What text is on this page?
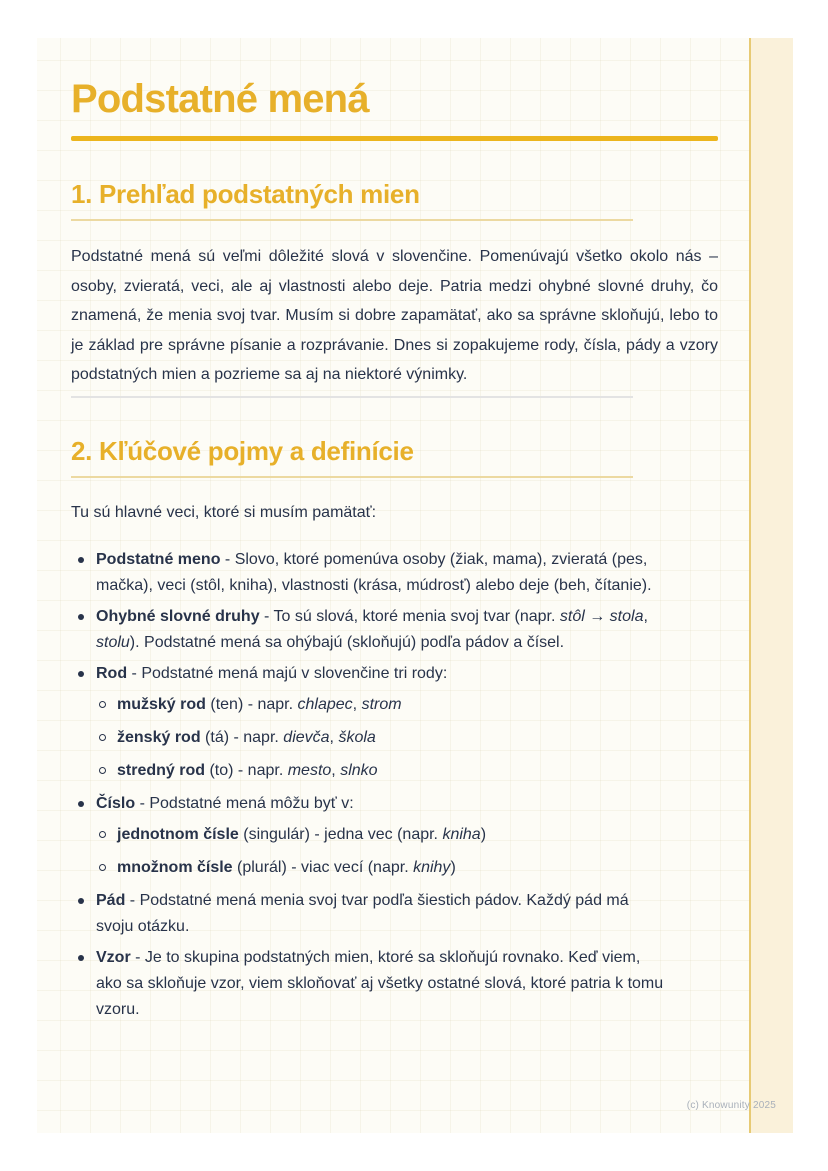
Podstatné mená
1. Prehľad podstatných mien

Podstatné mená sú veľmi dôležité slová v slovenčine. Pomenúvajú všetko okolo nás – osoby, zvieratá, veci, ale aj vlastnosti alebo deje. Patria medzi ohybné slovné druhy, čo znamená, že menia svoj tvar. Musím si dobre zapamätať, ako sa správne skloňujú, lebo to je základ pre správne písanie a rozprávanie. Dnes si zopakujeme rody, čísla, pády a vzory podstatných mien a pozrieme sa aj na niektoré výnimky.

2. Kľúčové pojmy a definície

Tu sú hlavné veci, ktoré si musím pamätať:

Podstatné meno - Slovo, ktoré pomenúva osoby (žiak, mama), zvieratá (pes, mačka), veci (stôl, kniha), vlastnosti (krása, múdrosť) alebo deje (beh, čítanie).
Ohybné slovné druhy - To sú slová, ktoré menia svoj tvar (napr. stôl → stola, stolu). Podstatné mená sa ohýbajú (skloňujú) podľa pádov a čísel.
Rod - Podstatné mená majú v slovenčine tri rody:
mužský rod (ten) - napr. chlapec, strom
ženský rod (tá) - napr. dievča, škola
stredný rod (to) - napr. mesto, slnko
Číslo - Podstatné mená môžu byť v:
jednotnom čísle (singulár) - jedna vec (napr. kniha)
množnom čísle (plurál) - viac vecí (napr. knihy)
Pád - Podstatné mená menia svoj tvar podľa šiestich pádov. Každý pád má svoju otázku.
Vzor - Je to skupina podstatných mien, ktoré sa skloňujú rovnako. Keď viem, ako sa skloňuje vzor, viem skloňovať aj všetky ostatné slová, ktoré patria k tomu vzoru.
(c) Knowunity 2025
